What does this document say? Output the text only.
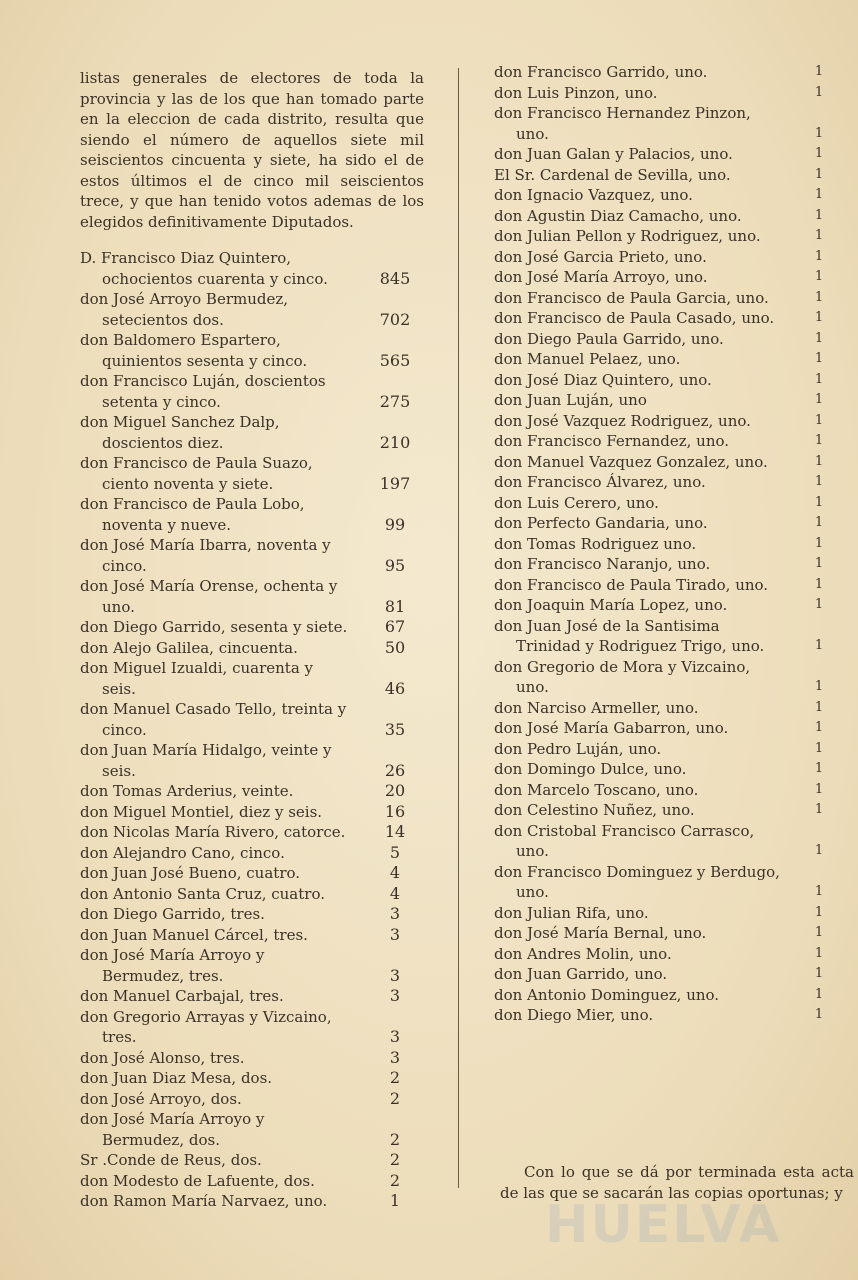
listas generales de electores de toda la provincia y las de los que han tomado parte en la eleccion de cada distrito, resulta que siendo el número de aquellos siete mil seiscientos cincuenta y siete, ha sido el de estos últimos el de cinco mil seiscientos trece, y que han tenido votos ademas de los elegidos definitivamente Diputados.

D. Francisco Diaz Quintero, ochocientos cuarenta y cinco.	845
don José Arroyo Bermudez, setecientos dos.	702
don Baldomero Espartero, quinientos sesenta y cinco.	565
don Francisco Luján, doscientos setenta y cinco.	275
don Miguel Sanchez Dalp, doscientos diez.	210
don Francisco de Paula Suazo, ciento noventa y siete.	197
don Francisco de Paula Lobo, noventa y nueve.	99
don José María Ibarra, noventa y cinco.	95
don José María Orense, ochenta y uno.	81
don Diego Garrido, sesenta y siete.	67
don Alejo Galilea, cincuenta.	50
don Miguel Izualdi, cuarenta y seis.	46
don Manuel Casado Tello, treinta y cinco.	35
don Juan María Hidalgo, veinte y seis.	26
don Tomas Arderius, veinte.	20
don Miguel Montiel, diez y seis.	16
don Nicolas María Rivero, catorce.	14
don Alejandro Cano, cinco.	5
don Juan José Bueno, cuatro.	4
don Antonio Santa Cruz, cuatro.	4
don Diego Garrido, tres.	3
don Juan Manuel Cárcel, tres.	3
don José María Arroyo y Bermudez, tres.	3
don Manuel Carbajal, tres.	3
don Gregorio Arrayas y Vizcaino, tres.	3
don José Alonso, tres.	3
don Juan Diaz Mesa, dos.	2
don José Arroyo, dos.	2
don José María Arroyo y Bermudez, dos.	2
Sr .Conde de Reus, dos.	2
don Modesto de Lafuente, dos.	2
don Ramon María Narvaez, uno.	1
don Francisco Garrido, uno.	1
don Luis Pinzon, uno.	1
don Francisco Hernandez Pinzon, uno.	1
don Juan Galan y Palacios, uno.	1
El Sr. Cardenal de Sevilla, uno.	1
don Ignacio Vazquez, uno.	1
don Agustin Diaz Camacho, uno.	1
don Julian Pellon y Rodriguez, uno.	1
don José Garcia Prieto, uno.	1
don José María Arroyo, uno.	1
don Francisco de Paula Garcia, uno.	1
don Francisco de Paula Casado, uno.	1
don Diego Paula Garrido, uno.	1
don Manuel Pelaez, uno.	1
don José Diaz Quintero, uno.	1
don Juan Luján, uno	1
don José Vazquez Rodriguez, uno.	1
don Francisco Fernandez, uno.	1
don Manuel Vazquez Gonzalez, uno.	1
don Francisco Álvarez, uno.	1
don Luis Cerero, uno.	1
don Perfecto Gandaria, uno.	1
don Tomas Rodriguez uno.	1
don Francisco Naranjo, uno.	1
don Francisco de Paula Tirado, uno.	1
don Joaquin María Lopez, uno.	1
don Juan José de la Santisima Trinidad y Rodriguez Trigo, uno.	1
don Gregorio de Mora y Vizcaino, uno.	1
don Narciso Armeller, uno.	1
don José María Gabarron, uno.	1
don Pedro Luján, uno.	1
don Domingo Dulce, uno.	1
don Marcelo Toscano, uno.	1
don Celestino Nuñez, uno.	1
don Cristobal Francisco Carrasco, uno.	1
don Francisco Dominguez y Berdugo, uno.	1
don Julian Rifa, uno.	1
don José María Bernal, uno.	1
don Andres Molin, uno.	1
don Juan Garrido, uno.	1
don Antonio Dominguez, uno.	1
don Diego Mier, uno.	1

Con lo que se dá por terminada esta acta de las que se sacarán las copias oportunas; y

HUELVA
